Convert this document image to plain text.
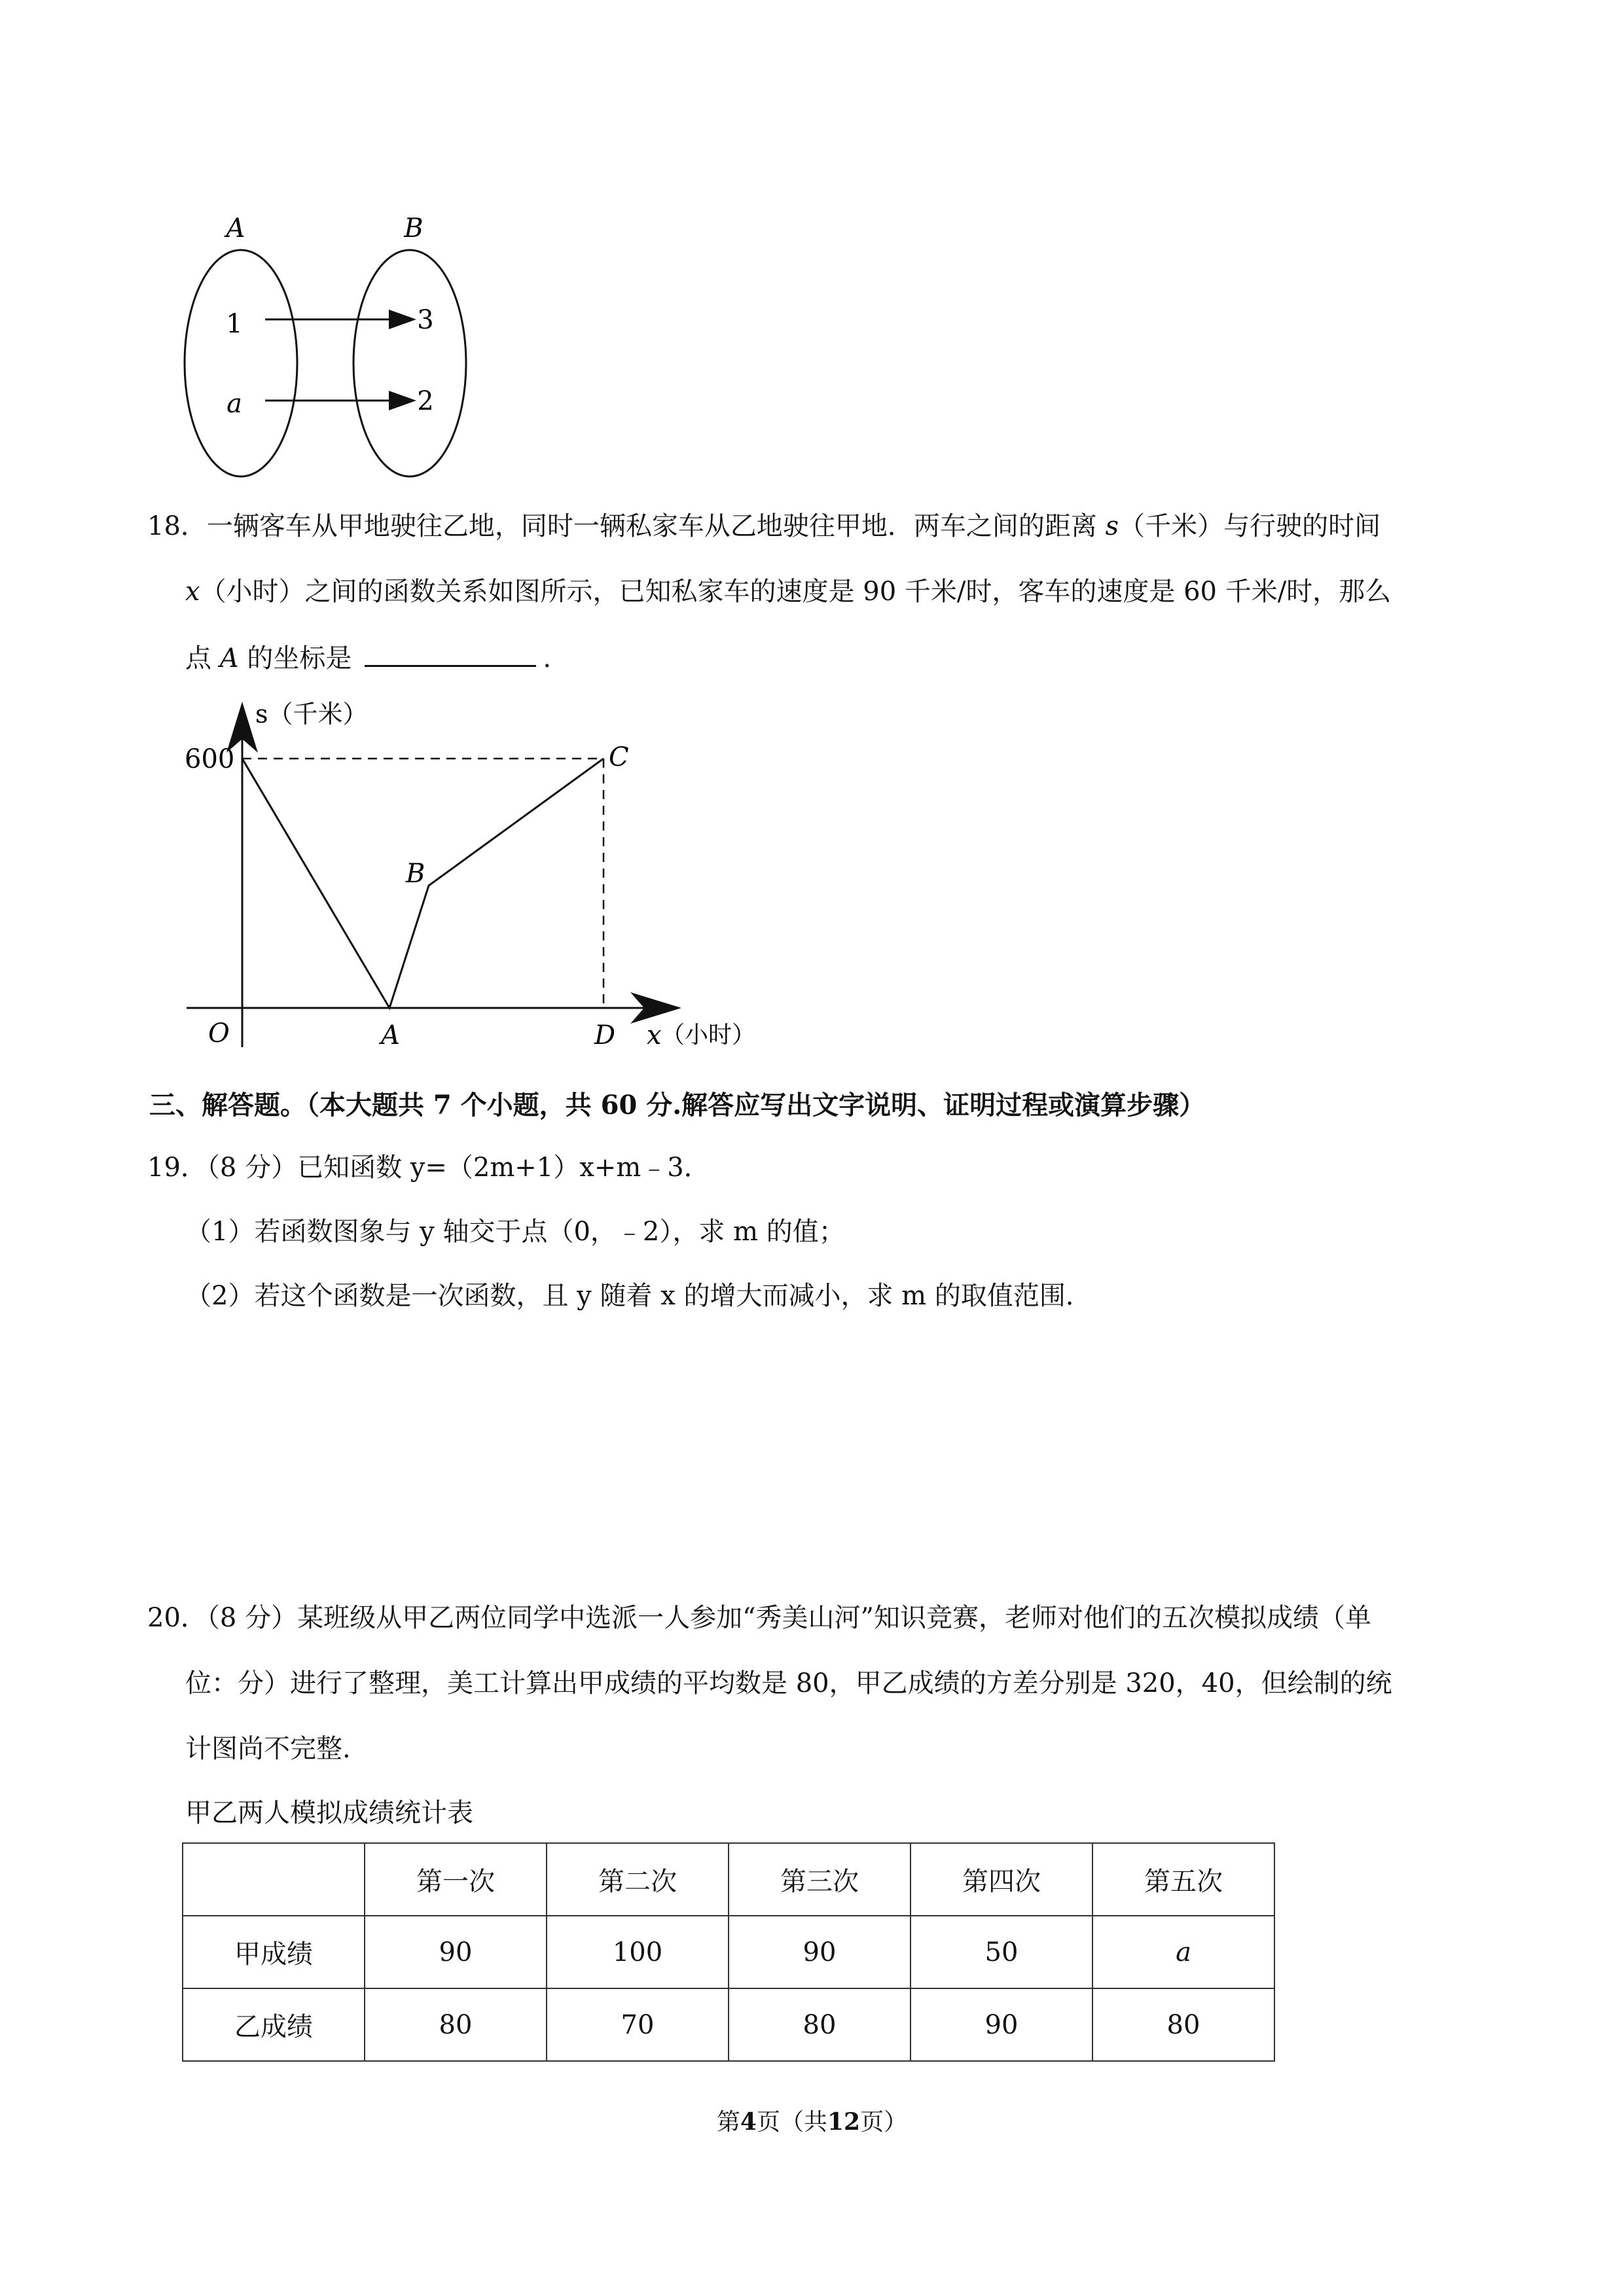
A	B
1
a
3
2
18．一辆客车从甲地驶往乙地，同时一辆私家车从乙地驶往甲地．两车之间的距离 s（千米）与行驶的时间
x（小时）之间的函数关系如图所示，已知私家车的速度是 90 千米/时，客车的速度是 60 千米/时，那么
点 A 的坐标是	.
s（千米）
600
O	A
B
C
D x （小时）
三、解答题。（本大题共 7 个小题，共 60 分.解答应写出文字说明、证明过程或演算步骤）
19．（8 分）已知函数 y=（2m+1）x+m﹣3．
（1）若函数图象与 y 轴交于点（0，﹣2），求 m 的值；
（2）若这个函数是一次函数，且 y 随着 x 的增大而减小，求 m 的取值范围．
20．（8 分）某班级从甲乙两位同学中选派一人参加“秀美山河”知识竞赛，老师对他们的五次模拟成绩（单
位：分）进行了整理，美工计算出甲成绩的平均数是 80，甲乙成绩的方差分别是 320，40，但绘制的统
计图尚不完整.
甲乙两人模拟成绩统计表
	第一次	第二次	第三次	第四次	第五次
甲成绩	90	100	90	50	a
乙成绩	80	70	80	90	80
第4页（共12页）
